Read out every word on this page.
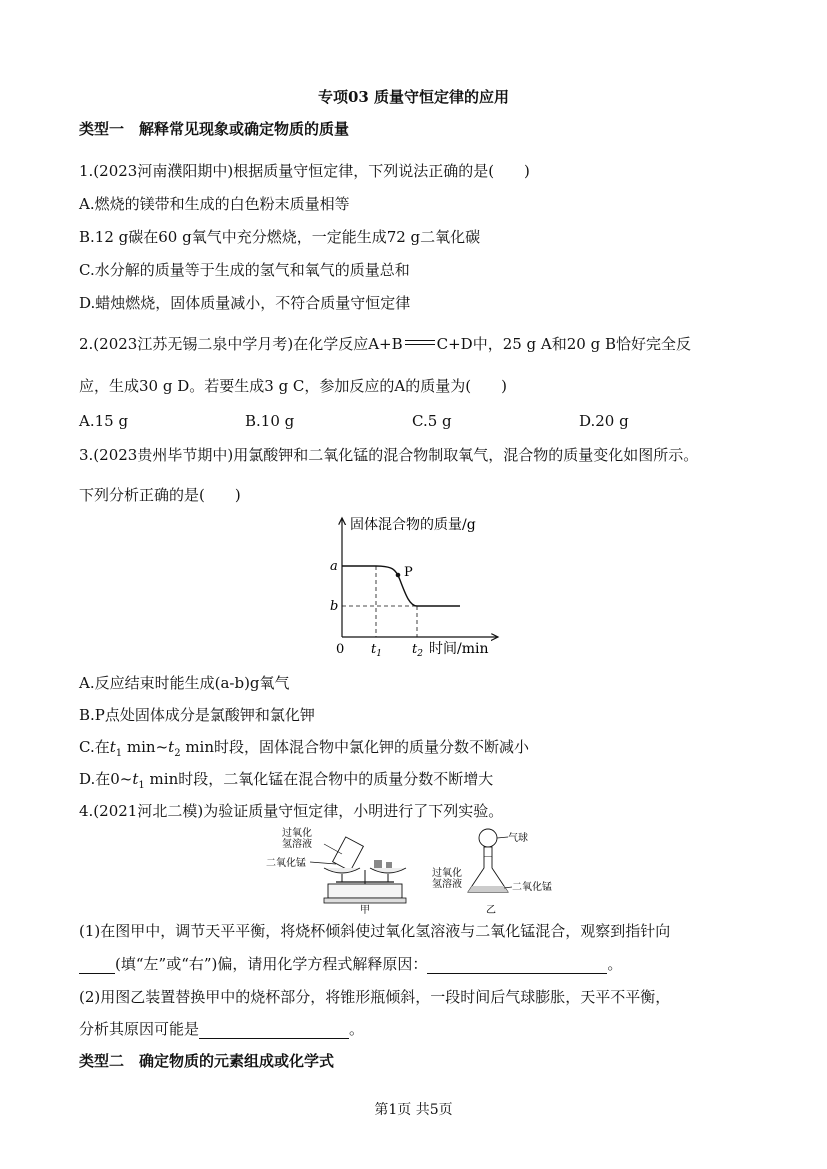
专项03 质量守恒定律的应用
类型一　解释常见现象或确定物质的质量
1.(2023河南濮阳期中)根据质量守恒定律，下列说法正确的是(　　)
A.燃烧的镁带和生成的白色粉末质量相等
B.12 g碳在60 g氧气中充分燃烧，一定能生成72 g二氧化碳
C.水分解的质量等于生成的氢气和氧气的质量总和
D.蜡烛燃烧，固体质量减小，不符合质量守恒定律
2.(2023江苏无锡二泉中学月考)在化学反应A+B C+D中，25 g A和20 g B恰好完全反
应，生成30 g D。若要生成3 g C，参加反应的A的质量为(　　)
A.15 g	B.10 g	C.5 g	D.20 g
3.(2023贵州毕节期中)用氯酸钾和二氧化锰的混合物制取氧气，混合物的质量变化如图所示。
下列分析正确的是(　　)
固体混合物的质量/g
P
a
b
0 $t_1$ $t_2$ 时间/min
A.反应结束时能生成(a-b)g氧气
B.P点处固体成分是氯酸钾和氯化钾
C.在$t_1$ $\min\sim t_2$ min时段，固体混合物中氯化钾的质量分数不断减小
D.在$0\sim t_1$ min时段，二氧化锰在混合物中的质量分数不断增大
4.(2021河北二模)为验证质量守恒定律，小明进行了下列实验。
过氧化
氢溶液
二氧化锰
甲
气球
过氧化
氢溶液	二氧化锰
乙
(1)在图甲中，调节天平平衡，将烧杯倾斜使过氧化氢溶液与二氧化锰混合，观察到指针向
(填“左”或“右”)偏，请用化学方程式解释原因：	。
(2)用图乙装置替换甲中的烧杯部分，将锥形瓶倾斜，一段时间后气球膨胀，天平不平衡，
分析其原因可能是	。
类型二　确定物质的元素组成或化学式
第1页 共5页
